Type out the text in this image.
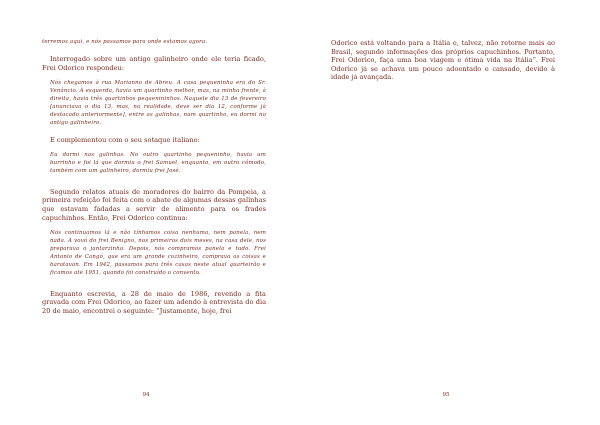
terremos aqui, e nós passamos para onde estamos agora.

Interrogado sobre um antigo galinheiro onde ele teria ficado, Frei Odorico respondeu:

Nós chegamos à rua Marianno de Abreu. A casa pequeninha era do Sr. Venâncio. À esquerda, havia um quartinho melhor, mas, na minha frente, à direita, havia três quartinhos pequenininhos. Naquele dia 13 de fevereiro [anunciava o dia 13, mas, na realidade, deve ser dia 12, conforme já destacado anteriormente], entre as galinhas, num quartinho, eu dormi no antigo galinheiro.

E complementou com o seu sotaque italiano:

Eu dormi nas galinhas. No outro quartinho pequeninho, havia um burrinho e foi lá que dormiu o frei Samuel, enquanto, em outro cômodo, também com um galinheiro, dormiu frei José.

Segundo relatos atuais de moradores do bairro da Pompeia, a primeira refeição foi feita com o abate de algumas dessas galinhas que estavam fadadas a servir de alimento para os frades capuchinhos. Então, Frei Odorico continua:

Nós continuamos lá e não tínhamos coisa nenhuma, nem panela, nem nada. A vovó do frei Benigno, nos primeiros dois meses, na casa dele, nos preparava o jantarzinho. Depois, nós compramos panela e tudo. Frei Antonio de Cangó, que era um grande cozinheiro, comprava as coisas e baratavan. Em 1942, passamos para três casas neste atual quarteirão e ficamos até 1951, quando foi construído o convento.

Enquanto escrevia, a 28 de maio de 1986, revendo a fita gravada com Frei Odorico, ao fazer um adendo à entrevista do dia 20 de maio, encontrei o seguinte: “Justamente, hoje, frei

94

Odorico está voltando para a Itália e, talvez, não retorne mais ao Brasil, segundo informações dos próprios capuchinhos. Portanto, Frei Odorico, faça uma boa viagem e ótima vida na Itália”. Frei Odorico já se achava um pouco adoentado e cansado, devido à idade já avançada.

95
